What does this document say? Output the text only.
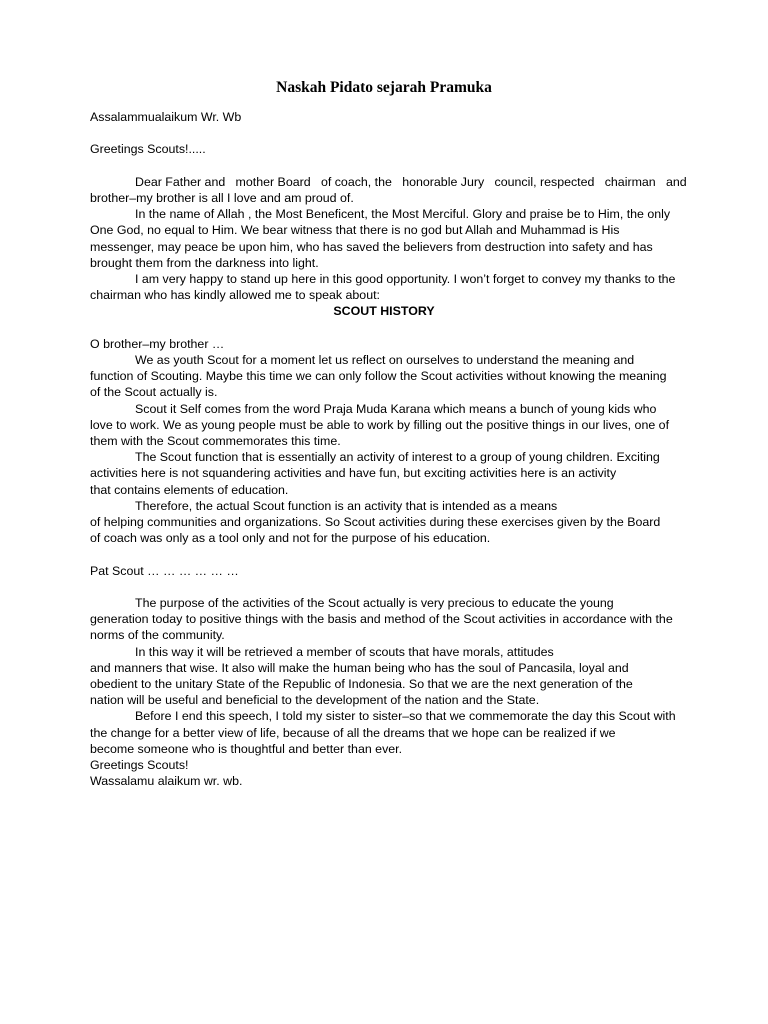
Naskah Pidato sejarah Pramuka

Assalammualaikum Wr. Wb

Greetings Scouts!.....

Dear Father and   mother Board   of coach, the   honorable Jury   council, respected   chairman   and
brother–my brother is all I love and am proud of.
In the name of Allah , the Most Beneficent, the Most Merciful. Glory and praise be to Him, the only
One God, no equal to Him. We bear witness that there is no god but Allah and Muhammad is His
messenger, may peace be upon him, who has saved the believers from destruction into safety and has
brought them from the darkness into light.
I am very happy to stand up here in this good opportunity. I won’t forget to convey my thanks to the
chairman who has kindly allowed me to speak about:

SCOUT HISTORY

O brother–my brother …

We as youth Scout for a moment let us reflect on ourselves to understand the meaning and
function of Scouting. Maybe this time we can only follow the Scout activities without knowing the meaning
of the Scout actually is.
Scout it Self comes from the word Praja Muda Karana which means a bunch of young kids who
love to work. We as young people must be able to work by filling out the positive things in our lives, one of
them with the Scout commemorates this time.
The Scout function that is essentially an activity of interest to a group of young children. Exciting
activities here is not squandering activities and have fun, but exciting activities here is an activity
that contains elements of education.
Therefore, the actual Scout function is an activity that is intended as a means
of helping communities and organizations. So Scout activities during these exercises given by the Board
of coach was only as a tool only and not for the purpose of his education.

Pat Scout … … … … … …

The purpose of the activities of the Scout actually is very precious to educate the young
generation today to positive things with the basis and method of the Scout activities in accordance with the
norms of the community.
In this way it will be retrieved a member of scouts that have morals, attitudes
and manners that wise. It also will make the human being who has the soul of Pancasila, loyal and
obedient to the unitary State of the Republic of Indonesia. So that we are the next generation of the
nation will be useful and beneficial to the development of the nation and the State.
Before I end this speech, I told my sister to sister–so that we commemorate the day this Scout with
the change for a better view of life, because of all the dreams that we hope can be realized if we
become someone who is thoughtful and better than ever.

Greetings Scouts!

Wassalamu alaikum wr. wb.
